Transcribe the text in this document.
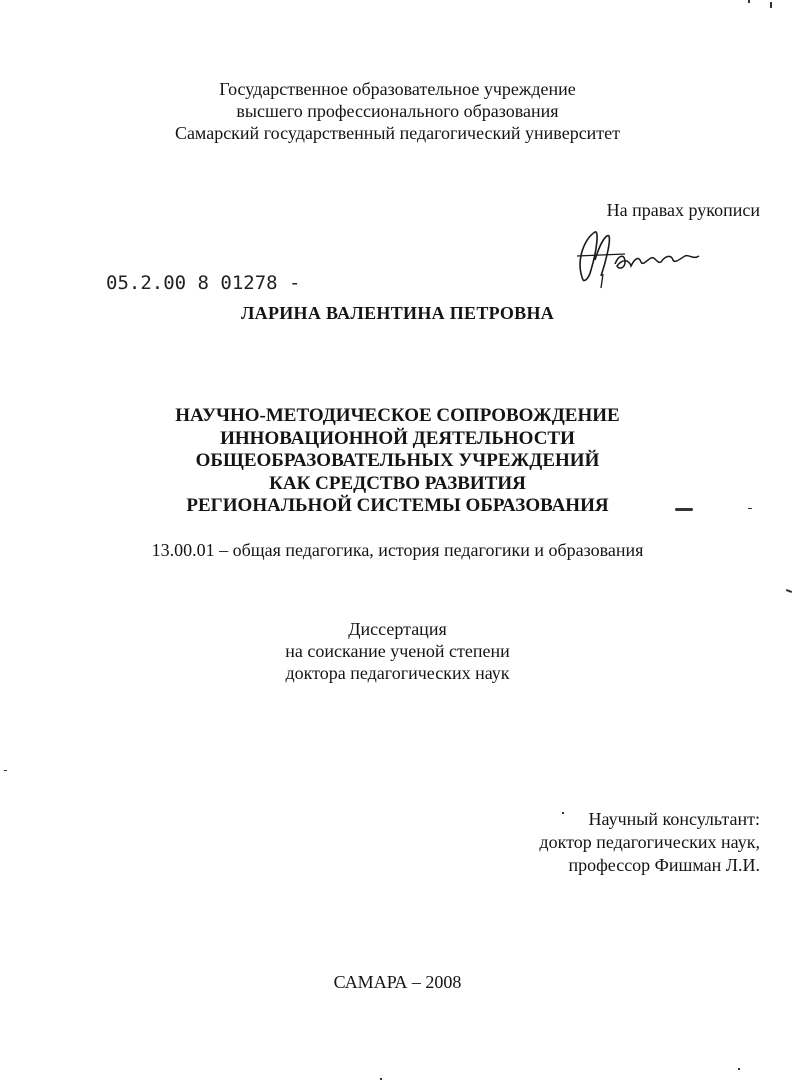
Государственное образовательное учреждение
высшего профессионального образования
Самарский государственный педагогический университет
На правах рукописи
05.2.00 8 01278 -
ЛАРИНА ВАЛЕНТИНА ПЕТРОВНА
НАУЧНО-МЕТОДИЧЕСКОЕ СОПРОВОЖДЕНИЕ
ИННОВАЦИОННОЙ ДЕЯТЕЛЬНОСТИ
ОБЩЕОБРАЗОВАТЕЛЬНЫХ УЧРЕЖДЕНИЙ
КАК СРЕДСТВО РАЗВИТИЯ
РЕГИОНАЛЬНОЙ СИСТЕМЫ ОБРАЗОВАНИЯ
13.00.01 – общая педагогика, история педагогики и образования
Диссертация
на соискание ученой степени
доктора педагогических наук
Научный консультант:
доктор педагогических наук,
профессор Фишман Л.И.
САМАРА – 2008
